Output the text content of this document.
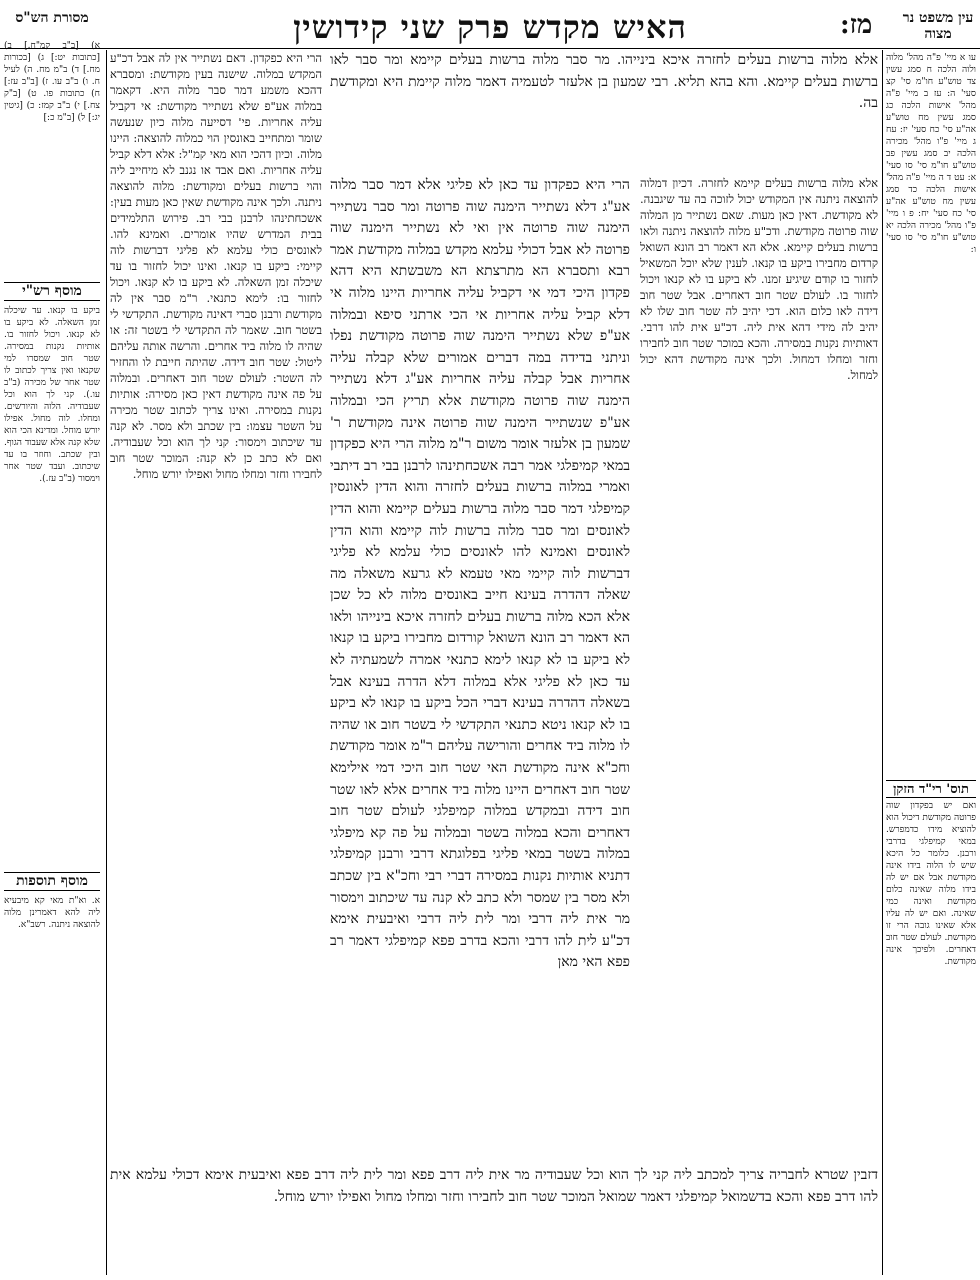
מסורת הש"ס	האיש מקדש פרק שני קידושין	מז: עין משפט נר מצוה

עו א מיי' פ"ה מהל' מלוה ולוה הלכה ח סמג עשין צד טוש"ע חו"מ סי' קצ סעי' ה: עז ב מיי' פ"ה מהל' אישות הלכה כג סמג עשין מח טוש"ע אה"ע סי' כח סעי' יז: עח ג מיי' פ"ו מהל' מכירה הלכה יב סמג עשין פב טוש"ע חו"מ סי' סו סעי' א: עט ד ה מיי' פ"ה מהל' אישות הלכה כד סמג עשין מח טוש"ע אה"ע סי' כח סעי' יח: פ ו מיי' פ"ו מהל' מכירה הלכה יא טוש"ע חו"מ סי' סו סעי' ו:

תוס' רי"ד הזקן

ואם יש בפקדון שוה פרוטה מקודשת דיכול הוא להוציא מידו כדמפרש. במאי קמיפלגי בדרבי ורבנן. כלומר כל היכא שיש לו הלוה בידו אינה מקודשת אבל אם יש לה בידו מלוה שאינה כלום מקודשת ואינה כמי שאינה. ואם יש לה עליו אלא שאינו גובה הרי זו מקודשת. לעולם שטר חוב דאחרים. ולפיכך אינה מקודשת.

אלא מלוה ברשות בעלים לחזרה איכא בינייהו. מר סבר מלוה ברשות בעלים קיימא ומר סבר לאו ברשות בעלים קיימא. והא בהא תליא. רבי שמעון בן אלעזר לטעמיה דאמר מלוה קיימת היא ומקודשת בה.

אלא מלוה ברשות בעלים קיימא לחזרה. דכיון דמלוה להוצאה ניתנה אין המקודש יכול לזוכה בה עד שיגבנה. לא מקודשת. דאין כאן מעות. שאם נשתייר מן המלוה שוה פרוטה מקודשת. ודכ"ע מלוה להוצאה ניתנה ולאו ברשות בעלים קיימא. אלא הא דאמר רב הונא השואל קרדום מחבירו ביקע בו קנאו. לענין שלא יוכל המשאיל לחזור בו קודם שיגיע זמנו. לא ביקע בו לא קנאו ויכול לחזור בו. לעולם שטר חוב דאחרים. אבל שטר חוב דידה לאו כלום הוא. דכי יהיב לה שטר חוב שלו לא יהיב לה מידי דהא אית ליה. דכ"ע אית להו דרבי. דאותיות נקנות במסירה. והכא במוכר שטר חוב לחבירו וחזר ומחלו דמחול. ולכך אינה מקודשת דהא יכול למחול.

הרי היא כפקדון עד כאן לא פליגי אלא דמר סבר מלוה אע"ג דלא נשתייר הימנה שוה פרוטה ומר סבר נשתייר הימנה שוה פרוטה אין ואי לא נשתייר הימנה שוה פרוטה לא אבל דכולי עלמא מקדש במלוה מקודשת אמר רבא ותסברא הא מתרצתא הא משבשתא היא דהא פקדון היכי דמי אי דקביל עליה אחריות היינו מלוה אי דלא קביל עליה אחריות אי הכי ארתני סיפא ובמלוה אע"פ שלא נשתייר הימנה שוה פרוטה מקודשת נפלו וניתני בדידה במה דברים אמורים שלא קבלה עליה אחריות אבל קבלה עליה אחריות אע"ג דלא נשתייר הימנה שוה פרוטה מקודשת אלא תריץ הכי ובמלוה אע"פ שנשתייר הימנה שוה פרוטה אינה מקודשת ר' שמעון בן אלעזר אומר משום ר"מ מלוה הרי היא כפקדון במאי קמיפלגי אמר רבה אשכחתינהו לרבנן בבי רב דיתבי ואמרי במלוה ברשות בעלים לחזרה והוא הדין לאונסין קמיפלגי דמר סבר מלוה ברשות בעלים קיימא והוא הדין לאונסים ומר סבר מלוה ברשות לוה קיימא והוא הדין לאונסים ואמינא להו לאונסים כולי עלמא לא פליגי דברשות לוה קיימי מאי טעמא לא גרעא משאלה מה שאלה דהדרה בעינא חייב באונסים מלוה לא כל שכן אלא הכא מלוה ברשות בעלים לחזרה איכא בינייהו ולאו הא דאמר רב הונא השואל קורדום מחבירו ביקע בו קנאו לא ביקע בו לא קנאו לימא כתנאי אמרה לשמעתיה לא עד כאן לא פליגי אלא במלוה דלא הדרה בעינא אבל בשאלה דהדרה בעינא דברי הכל ביקע בו קנאו לא ביקע בו לא קנאו ניטא כתנאי התקדשי לי בשטר חוב או שהיה לו מלוה ביד אחרים והורישה עליהם ר"מ אומר מקודשת וחכ"א אינה מקודשת האי שטר חוב היכי דמי אילימא שטר חוב דאחרים היינו מלוה ביד אחרים אלא לאו שטר חוב דידה ובמקדש במלוה קמיפלגי לעולם שטר חוב דאחרים והכא במלוה בשטר ובמלוה על פה קא מיפלגי במלוה בשטר במאי פליגי בפלוגתא דרבי ורבנן קמיפלגי דתניא אותיות נקנות במסירה דברי רבי וחכ"א בין שכתב ולא מסר בין שמסר ולא כתב לא קנה עד שיכתוב וימסור מר אית ליה דרבי ומר לית ליה דרבי ואיבעית אימא דכ"ע לית להו דרבי והכא בדרב פפא קמיפלגי דאמר רב פפא האי מאן

הרי היא כפקדון. דאם נשתייר אין לה אבל דכ"ע המקדש במלוה. שישנה בעין מקודשת: ומסברא דהכא משמע דמר סבר מלוה היא. דקאמר במלוה אע"פ שלא נשתייר מקודשת: אי דקביל עליה אחריות. פי' דסייעה מלוה כיון שנעשה שומר ומתחייב באונסין הוי כמלוה להוצאה: היינו מלוה. וכיון דהכי הוא מאי קמ"ל: אלא דלא קביל עליה אחריות. ואם אבד או נגנב לא מיחייב ליה והוי ברשות בעלים ומקודשת: מלוה להוצאה ניתנה. ולכך אינה מקודשת שאין כאן מעות בעין: אשכחתינהו לרבנן בבי רב. פירוש התלמידים בבית המדרש שהיו אומרים. ואמינא להו. לאונסים כולי עלמא לא פליגי דברשות לוה קיימי: ביקע בו קנאו. ואינו יכול לחזור בו עד שיכלה זמן השאלה. לא ביקע בו לא קנאו. ויכול לחזור בו: לימא כתנאי. ר"מ סבר אין לה מקודשת ורבנן סברי דאינה מקודשת. התקדשי לי בשטר חוב. שאמר לה התקדשי לי בשטר זה: או שהיה לו מלוה ביד אחרים. והרשה אותה עליהם ליטול: שטר חוב דידה. שהיתה חייבת לו והחזיר לה השטר: לעולם שטר חוב דאחרים. ובמלוה על פה אינה מקודשת דאין כאן מסירה: אותיות נקנות במסירה. ואינו צריך לכתוב שטר מכירה על השטר עצמו: בין שכתב ולא מסר. לא קנה עד שיכתוב וימסור: קני לך הוא וכל שעבודיה. ואם לא כתב כן לא קנה: המוכר שטר חוב לחבירו וחזר ומחלו מחול ואפילו יורש מוחל.

דזבין שטרא לחבריה צריך למכתב ליה קני לך הוא וכל שעבודיה מר אית ליה דרב פפא ומר לית ליה דרב פפא ואיבעית אימא דכולי עלמא אית להו דרב פפא והכא בדשמואל קמיפלגי דאמר שמואל המוכר שטר חוב לחבירו וחזר ומחלו מחול ואפילו יורש מוחל.

א) [ב"ב קמ"ח.] ב) [כתובות יט:] ג) [בכורות מח.] ד) ב"מ מח. ה) לעיל ח. ו) ב"ב עו. ז) [ב"ב עז:] ח) כתובות פו. ט) [ב"ק צח.] י) ב"ב קמז: כ) [גיטין יג:] ל) [ב"מ כ:]

מוסף רש"י

ביקע בו קנאו. עד שיכלה זמן השאלה. לא ביקע בו לא קנאו. ויכול לחזור בו. אותיות נקנות במסירה. שטר חוב שמסרו למי שקנאו ואין צריך לכתוב לו שטר אחר של מכירה (ב"ב עו.). קני לך הוא וכל שעבודיה. הלוה והיורשים. ומחלו. לוה מחול. אפילו יורש מוחל. ומדינא הכי הוא שלא קנה אלא שעבוד הגוף. ובין שכתב. וחוזר בו עד שיכתוב. ועבד שטר אחר וימסור (ב"ב עז.).

מוסף תוספות

א. וא"ת מאי קא מיבעיא ליה להא דאמרינן מלוה להוצאה ניתנה. רשב"א.
